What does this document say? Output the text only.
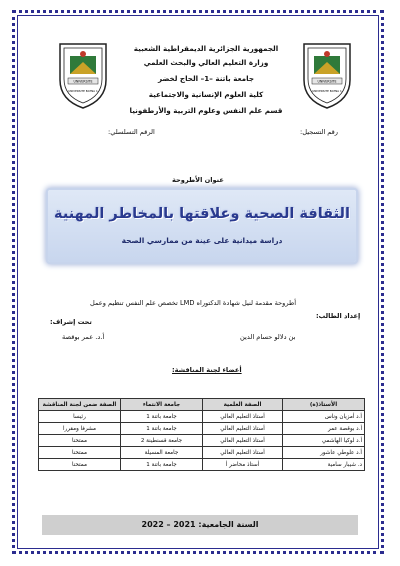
UNIVERSITE
UNIVERSITE BATNA 1
UNIVERSITE
UNIVERSITE BATNA 1
الجمهورية الجزائرية الديمقراطية الشعبية
وزارة التعليم العالي والبحث العلمي
جامعة باتنة –1– الحاج لخضر
كلية العلوم الإنسانية والاجتماعية
قسم علم النفس وعلوم التربية والأرطفونيا
رقم التسجيل:
الرقم التسلسلي:
عنوان الأطروحة
الثقافة الصحية وعلاقتها بالمخاطر المهنية
دراسة ميدانية على عينة من ممارسي الصحة
أطروحة مقدمة لنيل شهادة الدكتوراه LMD تخصص علم النفس تنظيم وعمل
إعداد الطالب:
تحت إشراف:
بن دلالو حسام الدين
أ.د. عمر بوقصة
أعضاء لجنة المناقشة:
الأستاذ(ة)	الصفة العلمية	جامعة الانتماء	الصفة ضمن لجنة المناقشة
أ.د أمزيان وناس	أستاذ التعليم العالي	جامعة باتنة 1	رئيسا
أ.د بوقصة عمر	أستاذ التعليم العالي	جامعة باتنة 1	مشرفا ومقررا
أ.د لوكيا الهاشمي	أستاذ التعليم العالي	جامعة قسنطينة 2	ممتحنا
أ.د علوطي عاشور	أستاذ التعليم العالي	جامعة المسيلة	ممتحنا
د. شيبار سامية	أستاذ محاضر أ	جامعة باتنة 1	ممتحنا
السنة الجامعية: 2021 – 2022
